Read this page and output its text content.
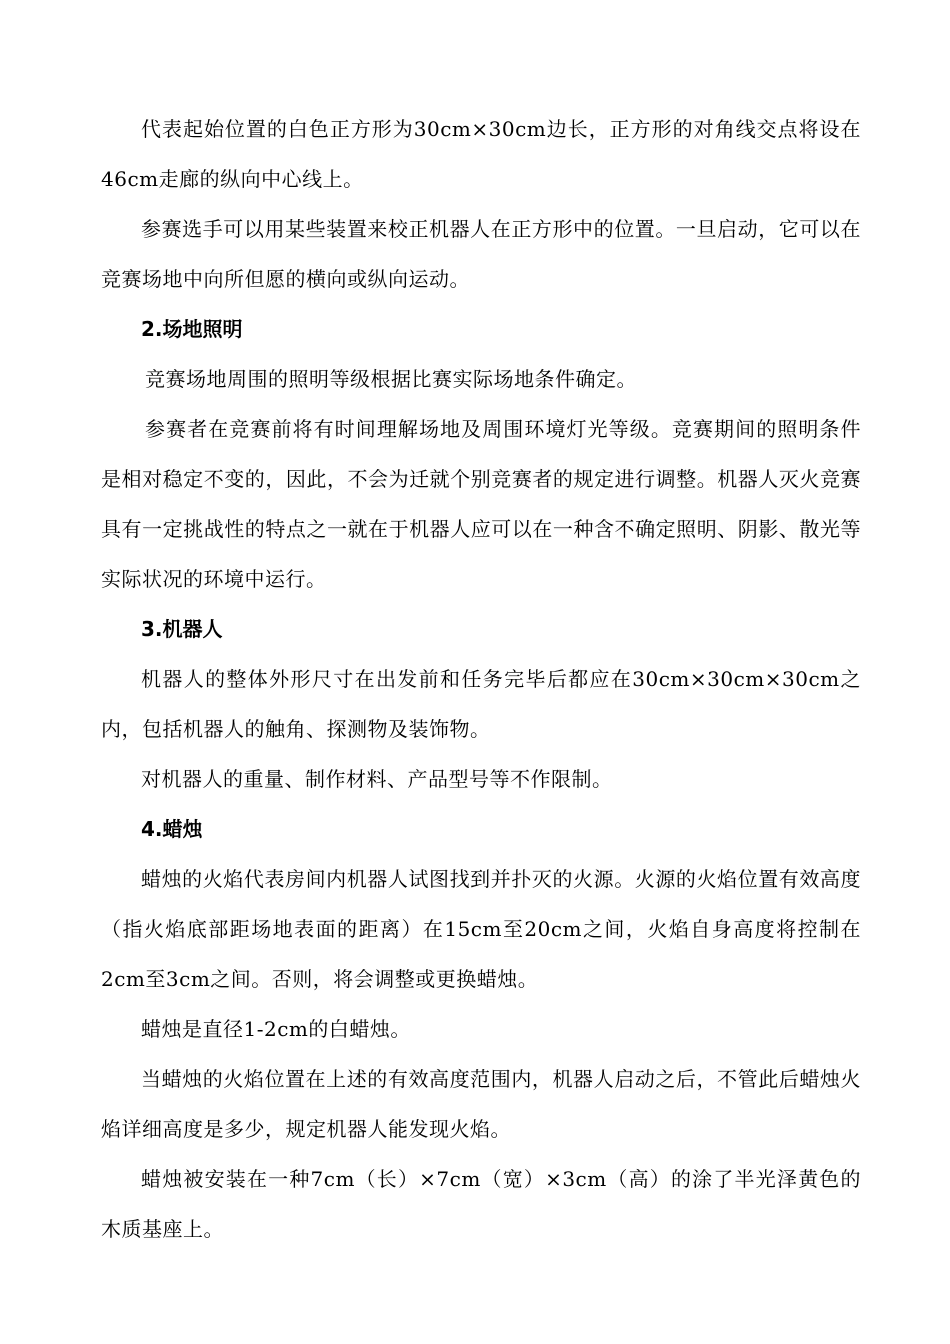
代表起始位置的白色正方形为30cm×30cm边长，正方形的对角线交点将设在46cm走廊的纵向中心线上。

参赛选手可以用某些装置来校正机器人在正方形中的位置。一旦启动，它可以在竞赛场地中向所但愿的横向或纵向运动。

2.场地照明

竞赛场地周围的照明等级根据比赛实际场地条件确定。

参赛者在竞赛前将有时间理解场地及周围环境灯光等级。竞赛期间的照明条件是相对稳定不变的，因此，不会为迁就个别竞赛者的规定进行调整。机器人灭火竞赛具有一定挑战性的特点之一就在于机器人应可以在一种含不确定照明、阴影、散光等实际状况的环境中运行。

3.机器人

机器人的整体外形尺寸在出发前和任务完毕后都应在30cm×30cm×30cm之内，包括机器人的触角、探测物及装饰物。

对机器人的重量、制作材料、产品型号等不作限制。

4.蜡烛

蜡烛的火焰代表房间内机器人试图找到并扑灭的火源。火源的火焰位置有效高度（指火焰底部距场地表面的距离）在15cm至20cm之间，火焰自身高度将控制在2cm至3cm之间。否则，将会调整或更换蜡烛。

蜡烛是直径1-2cm的白蜡烛。

当蜡烛的火焰位置在上述的有效高度范围内，机器人启动之后，不管此后蜡烛火焰详细高度是多少，规定机器人能发现火焰。

蜡烛被安装在一种7cm（长）×7cm（宽）×3cm（高）的涂了半光泽黄色的木质基座上。
